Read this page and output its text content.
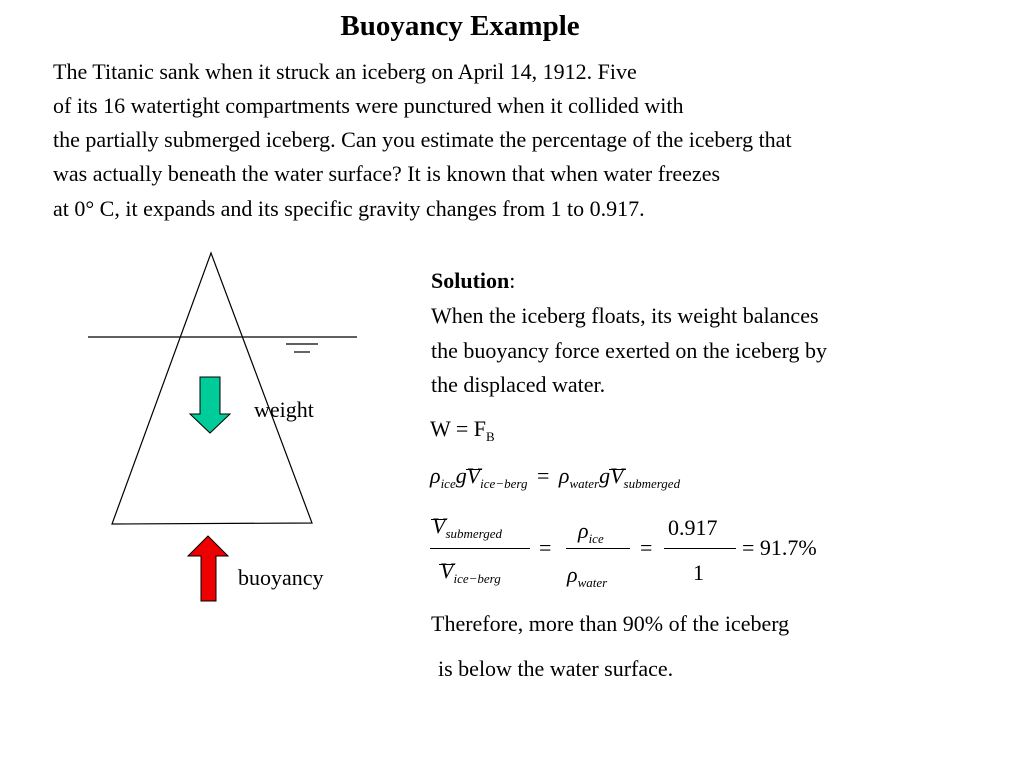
Buoyancy Example
The Titanic sank when it struck an iceberg on April 14, 1912. Five
of its 16 watertight compartments were punctured when it collided with
the partially submerged iceberg. Can you estimate the percentage of the iceberg that
was actually beneath the water surface? It is known that when water freezes
at 0° C, it expands and its specific gravity changes from 1 to 0.917.
weight
buoyancy
Solution:
When the iceberg floats, its weight balances
the buoyancy force exerted on the iceberg by
the displaced water.
$W = F_B$
$\rho_{ice}gV_{ice-berg} = \rho_{water}gV_{submerged}$
$V_{submerged}$
$V_{ice-berg}$
=
$\rho_{ice}$
$\rho_{water}$
=
0.917
1
= 91.7%
Therefore, more than 90% of the iceberg
is below the water surface.
